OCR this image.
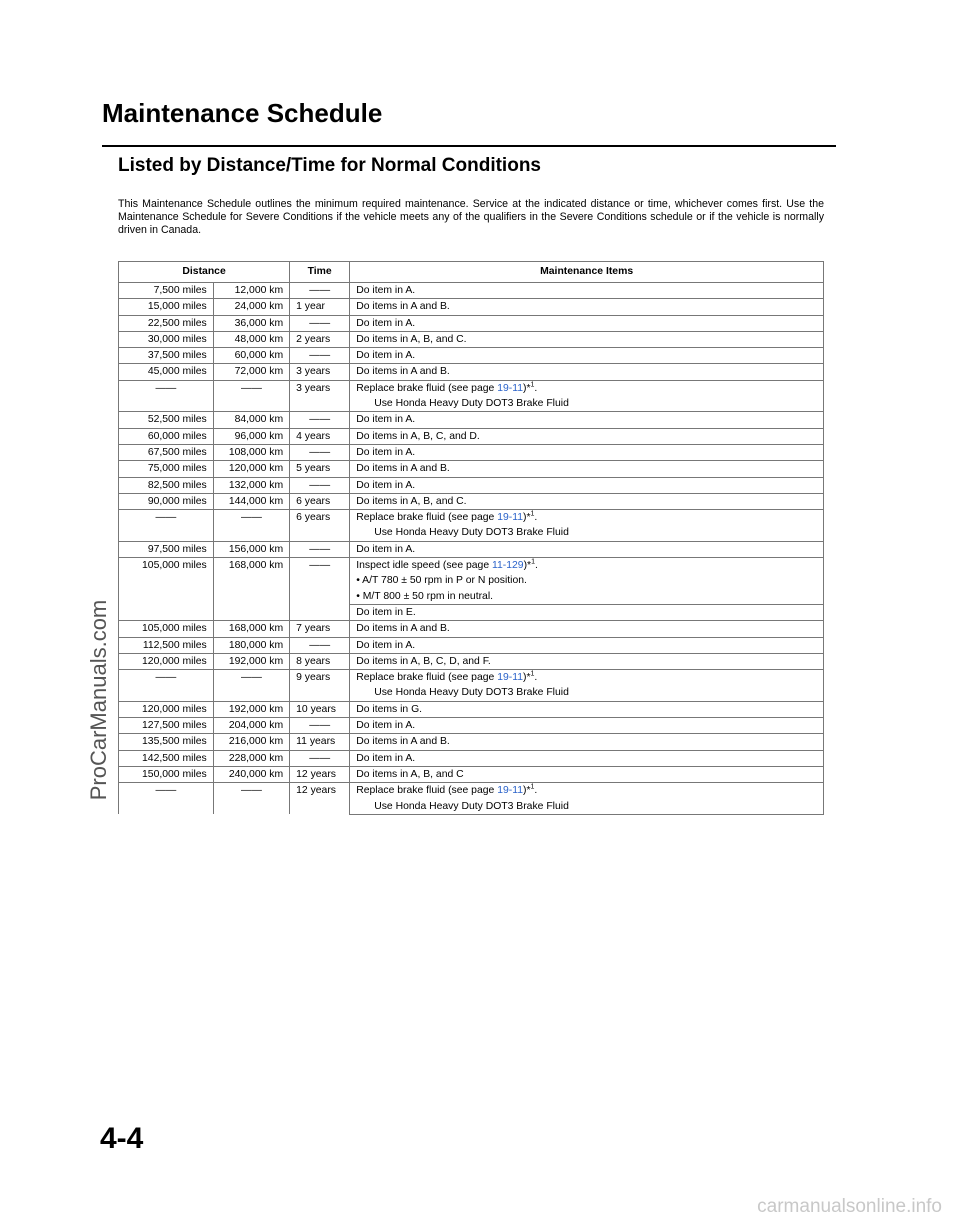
Maintenance Schedule
Listed by Distance/Time for Normal Conditions

This Maintenance Schedule outlines the minimum required maintenance. Service at the indicated distance or time, whichever comes first. Use the Maintenance Schedule for Severe Conditions if the vehicle meets any of the qualifiers in the Severe Conditions schedule or if the vehicle is normally driven in Canada.

Distance		Time	Maintenance Items
7,500 miles	12,000 km	——	Do item in A.
15,000 miles	24,000 km	1 year	Do items in A and B.
22,500 miles	36,000 km	——	Do item in A.
30,000 miles	48,000 km	2 years	Do items in A, B, and C.
37,500 miles	60,000 km	——	Do item in A.
45,000 miles	72,000 km	3 years	Do items in A and B.
——	——	3 years	Replace brake fluid (see page 19-11)*$^1$.
			Use Honda Heavy Duty DOT3 Brake Fluid
52,500 miles	84,000 km	——	Do item in A.
60,000 miles	96,000 km	4 years	Do items in A, B, C, and D.
67,500 miles	108,000 km	——	Do item in A.
75,000 miles	120,000 km	5 years	Do items in A and B.
82,500 miles	132,000 km	——	Do item in A.
90,000 miles	144,000 km	6 years	Do items in A, B, and C.
——	——	6 years	Replace brake fluid (see page 19-11)*$^1$.
			Use Honda Heavy Duty DOT3 Brake Fluid
97,500 miles	156,000 km	——	Do item in A.
105,000 miles	168,000 km	——	Inspect idle speed (see page 11-129)*$^1$.
			• A/T 780 ± 50 rpm in P or N position.
			• M/T 800 ± 50 rpm in neutral.
			Do item in E.
105,000 miles	168,000 km	7 years	Do items in A and B.
112,500 miles	180,000 km	——	Do item in A.
120,000 miles	192,000 km	8 years	Do items in A, B, C, D, and F.
——	——	9 years	Replace brake fluid (see page 19-11)*$^1$.
			Use Honda Heavy Duty DOT3 Brake Fluid
120,000 miles	192,000 km	10 years	Do items in G.
127,500 miles	204,000 km	——	Do item in A.
135,500 miles	216,000 km	11 years	Do items in A and B.
142,500 miles	228,000 km	——	Do item in A.
150,000 miles	240,000 km	12 years	Do items in A, B, and C
——	——	12 years	Replace brake fluid (see page 19-11)*$^1$.
			Use Honda Heavy Duty DOT3 Brake Fluid
ProCarManuals.com
4-4
carmanualsonline.info
